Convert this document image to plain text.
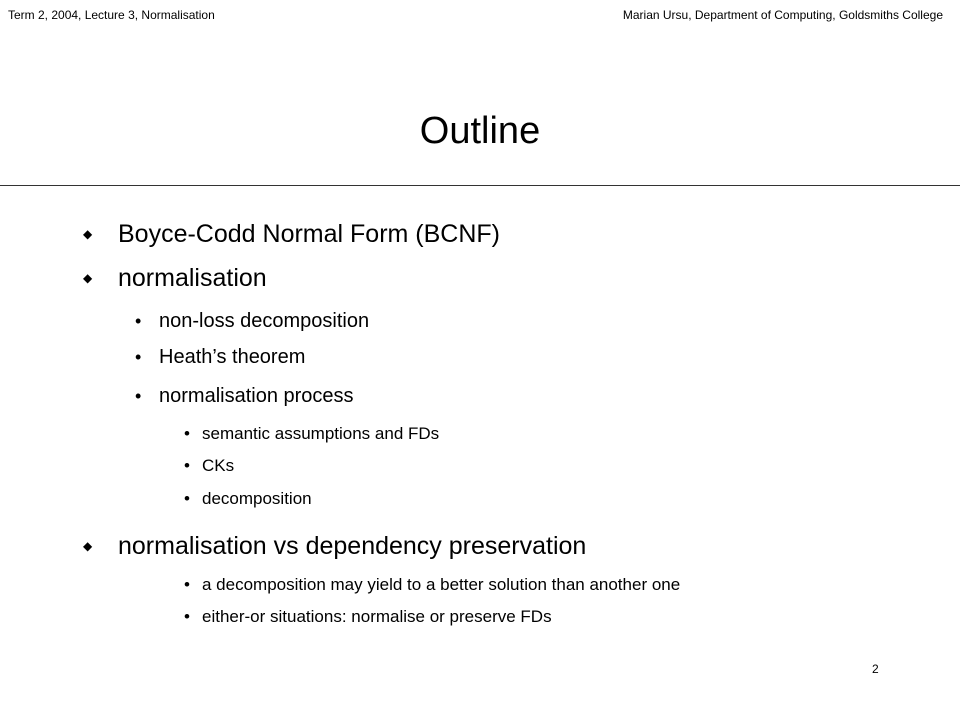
Term 2, 2004, Lecture 3, Normalisation	Marian Ursu, Department of Computing, Goldsmiths College
Outline
◆ Boyce-Codd Normal Form (BCNF)
◆ normalisation
• non-loss decomposition
• Heath’s theorem
• normalisation process
• semantic assumptions and FDs
• CKs
• decomposition
◆ normalisation vs dependency preservation
• a decomposition may yield to a better solution than another one
• either-or situations: normalise or preserve FDs
2
